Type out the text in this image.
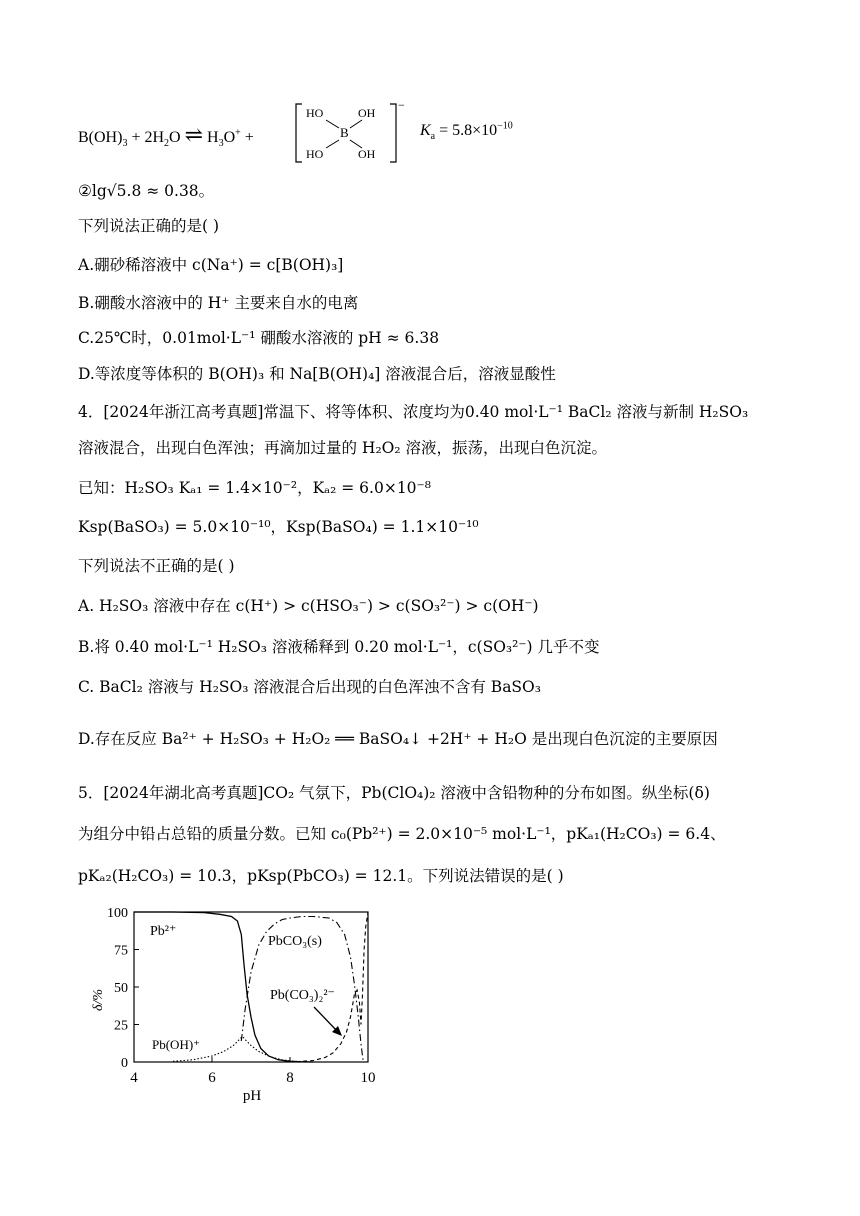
$B(OH)_3 + 2H_2O$ ⇌ $H_3O^+$ +
HO	OH
B
HO	OH
−
$K_a = 5.8\times 10^{-10}$
②lg√5.8 ≈ 0.38。
下列说法正确的是( )
A.硼砂稀溶液中 c(Na⁺) = c[B(OH)₃]
B.硼酸水溶液中的 H⁺ 主要来自水的电离
C.25℃时，0.01mol·L⁻¹ 硼酸水溶液的 pH ≈ 6.38
D.等浓度等体积的 B(OH)₃ 和 Na[B(OH)₄] 溶液混合后，溶液显酸性
4．[2024年浙江高考真题]常温下、将等体积、浓度均为0.40 mol·L⁻¹ BaCl₂ 溶液与新制 H₂SO₃
溶液混合，出现白色浑浊；再滴加过量的 H₂O₂ 溶液，振荡，出现白色沉淀。
已知：H₂SO₃ Kₐ₁ = 1.4×10⁻²，Kₐ₂ = 6.0×10⁻⁸
Ksp(BaSO₃) = 5.0×10⁻¹⁰，Ksp(BaSO₄) = 1.1×10⁻¹⁰
下列说法不正确的是( )
A. H₂SO₃ 溶液中存在 c(H⁺) > c(HSO₃⁻) > c(SO₃²⁻) > c(OH⁻)
B.将 0.40 mol·L⁻¹ H₂SO₃ 溶液稀释到 0.20 mol·L⁻¹，c(SO₃²⁻) 几乎不变
C. BaCl₂ 溶液与 H₂SO₃ 溶液混合后出现的白色浑浊不含有 BaSO₃
D.存在反应 Ba²⁺ + H₂SO₃ + H₂O₂ ══ BaSO₄↓ +2H⁺ + H₂O 是出现白色沉淀的主要原因
5．[2024年湖北高考真题]CO₂ 气氛下，Pb(ClO₄)₂ 溶液中含铅物种的分布如图。纵坐标(δ)
为组分中铅占总铅的质量分数。已知 c₀(Pb²⁺) = 2.0×10⁻⁵ mol·L⁻¹，pKₐ₁(H₂CO₃) = 6.4、
pKₐ₂(H₂CO₃) = 10.3，pKsp(PbCO₃) = 12.1。下列说法错误的是( )
4	6	8	10
0
25
50
75
100
δ/%
pH
Pb²⁺
PbCO₃(s)
Pb(CO₃)₂²⁻
Pb(OH)⁺
